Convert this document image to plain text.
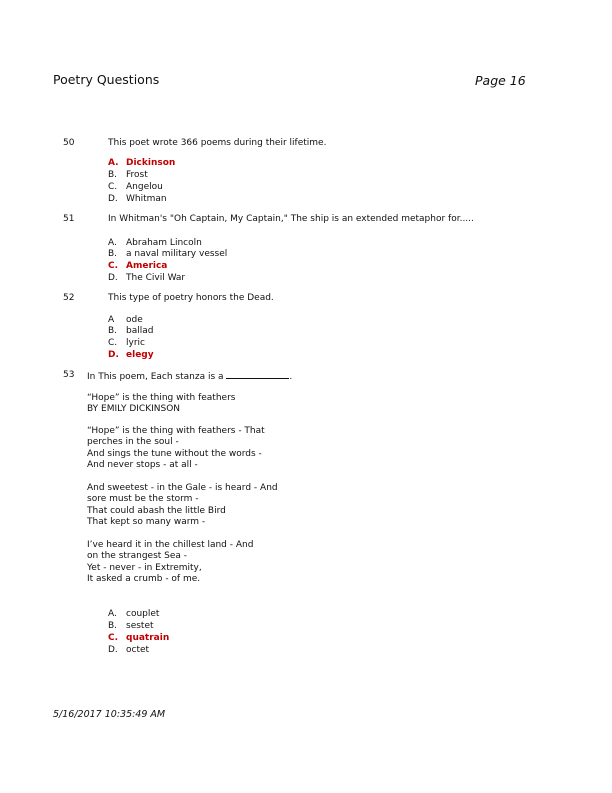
Poetry Questions	Page 16
50	This poet wrote 366 poems during their lifetime.
A. Dickinson
B. Frost
C. Angelou
D. Whitman
51	In Whitman's "Oh Captain, My Captain," The ship is an extended metaphor for.....
A. Abraham Lincoln
B. a naval military vessel
C. America
D. The Civil War
52	This type of poetry honors the Dead.
A ode
B. ballad
C. lyric
D. elegy
53 In This poem, Each stanza is a	.
“Hope” is the thing with feathers
BY EMILY DICKINSON
“Hope” is the thing with feathers - That
perches in the soul -
And sings the tune without the words -
And never stops - at all -
And sweetest - in the Gale - is heard - And
sore must be the storm -
That could abash the little Bird
That kept so many warm -
I’ve heard it in the chillest land - And
on the strangest Sea -
Yet - never - in Extremity,
It asked a crumb - of me.
A. couplet
B. sestet
C. quatrain
D. octet
5/16/2017 10:35:49 AM
